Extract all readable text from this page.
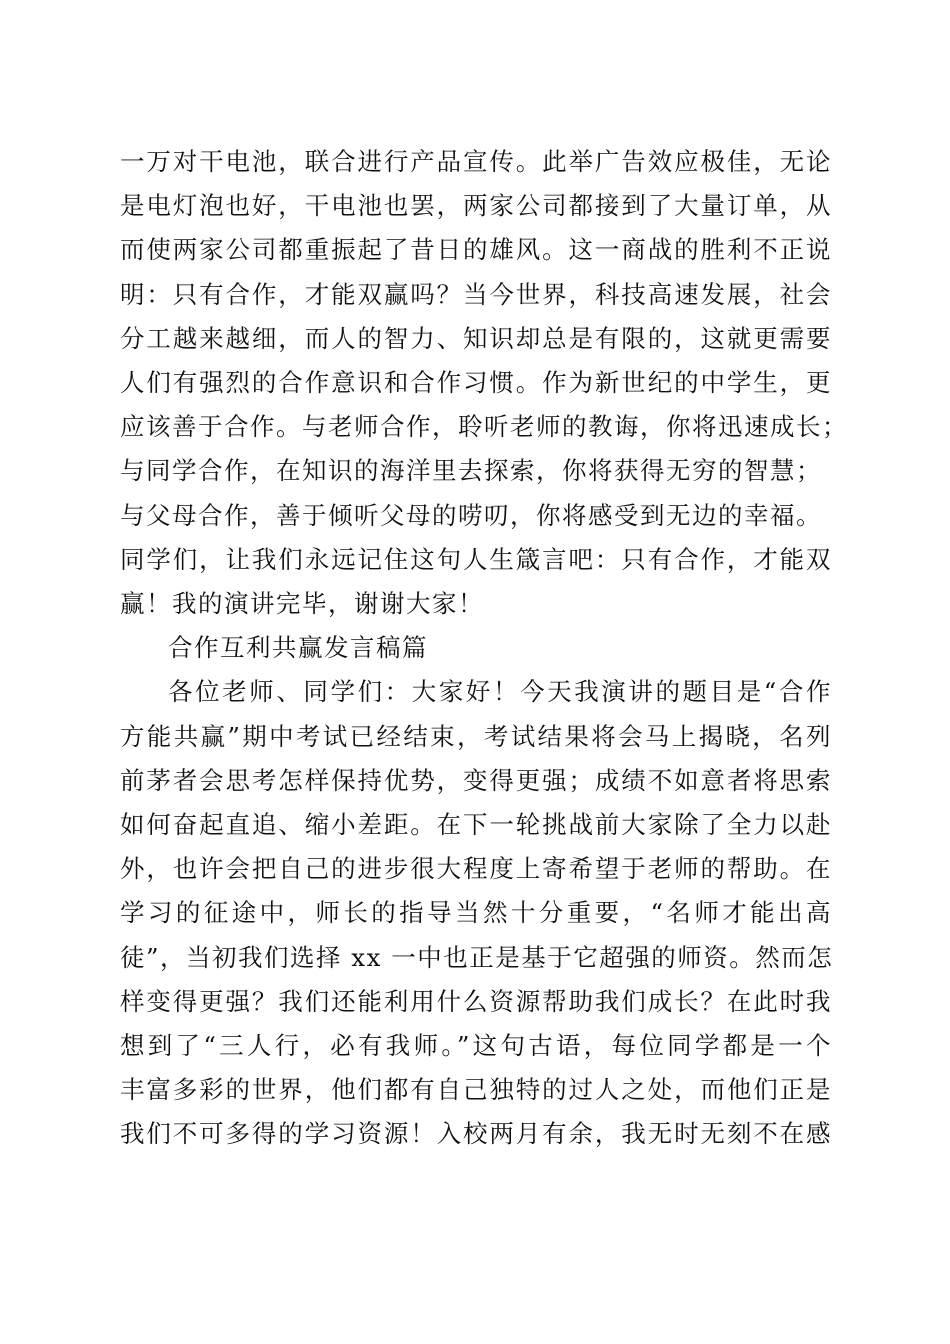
一万对干电池，联合进行产品宣传。此举广告效应极佳，无论
是电灯泡也好，干电池也罢，两家公司都接到了大量订单，从
而使两家公司都重振起了昔日的雄风。这一商战的胜利不正说
明：只有合作，才能双赢吗？当今世界，科技高速发展，社会
分工越来越细，而人的智力、知识却总是有限的，这就更需要
人们有强烈的合作意识和合作习惯。作为新世纪的中学生，更
应该善于合作。与老师合作，聆听老师的教诲，你将迅速成长；
与同学合作，在知识的海洋里去探索，你将获得无穷的智慧；
与父母合作，善于倾听父母的唠叨，你将感受到无边的幸福。
同学们，让我们永远记住这句人生箴言吧：只有合作，才能双
赢！我的演讲完毕，谢谢大家！
合作互利共赢发言稿篇
各位老师、同学们：大家好！今天我演讲的题目是“合作
方能共赢”期中考试已经结束，考试结果将会马上揭晓，名列
前茅者会思考怎样保持优势，变得更强；成绩不如意者将思索
如何奋起直追、缩小差距。在下一轮挑战前大家除了全力以赴
外，也许会把自己的进步很大程度上寄希望于老师的帮助。在
学习的征途中，师长的指导当然十分重要，“名师才能出高
徒”，当初我们选择 xx 一中也正是基于它超强的师资。然而怎
样变得更强？我们还能利用什么资源帮助我们成长？在此时我
想到了“三人行，必有我师。”这句古语，每位同学都是一个
丰富多彩的世界，他们都有自己独特的过人之处，而他们正是
我们不可多得的学习资源！入校两月有余，我无时无刻不在感
